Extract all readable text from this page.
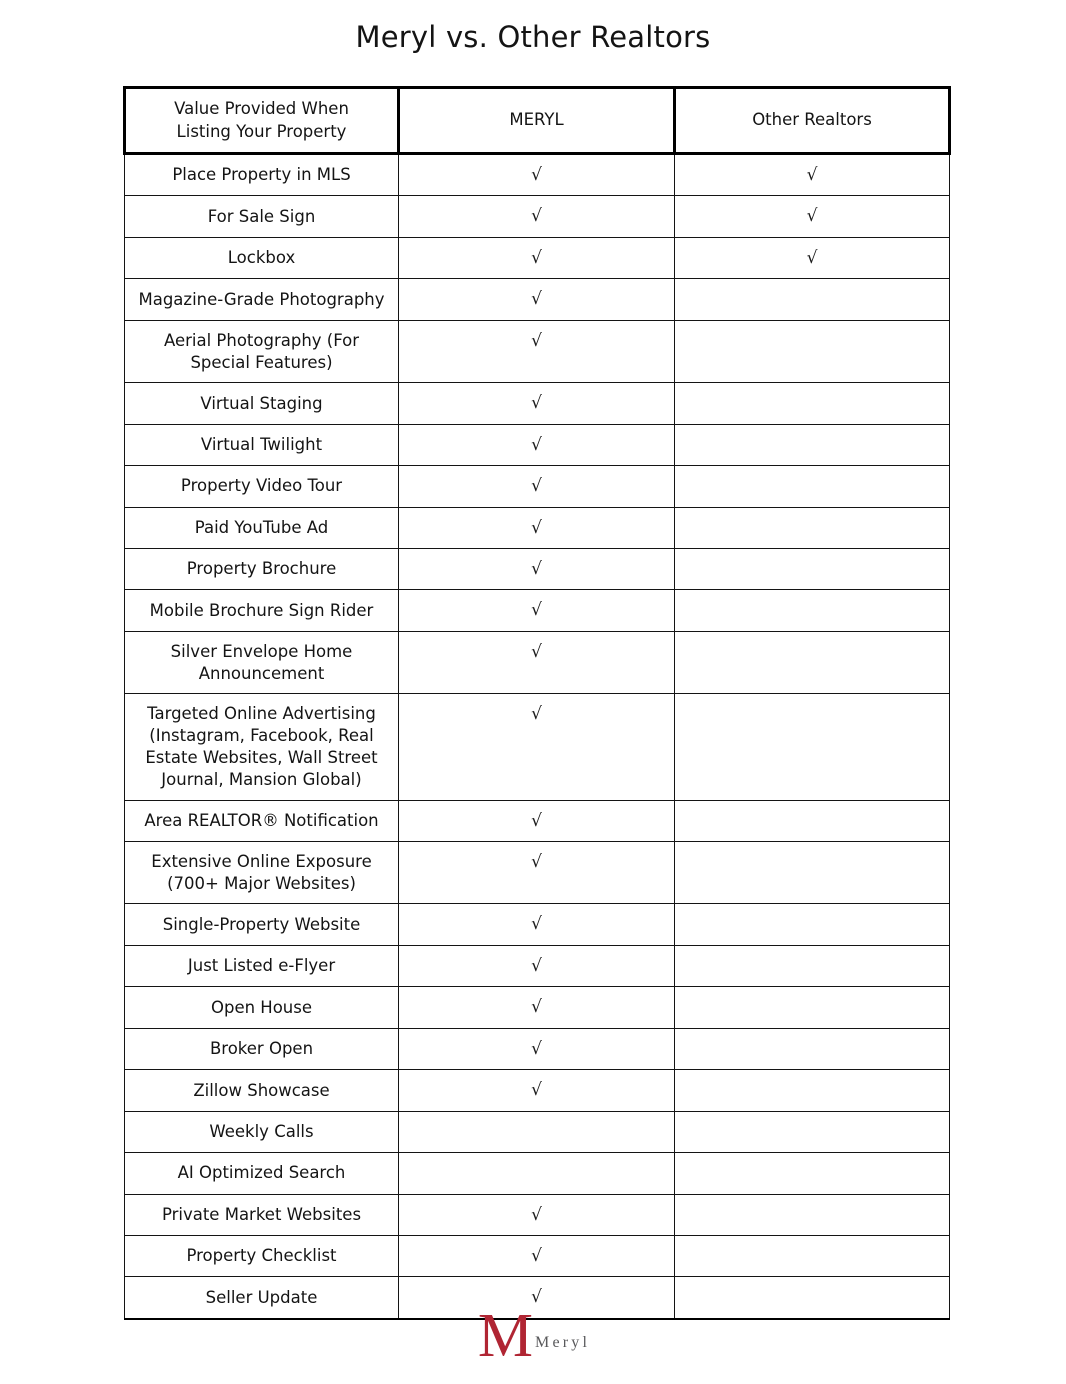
Meryl vs. Other Realtors
Value Provided When
Listing Your Property	MERYL	Other Realtors

Place Property in MLS	√	√

For Sale Sign	√	√

Lockbox	√	√

Magazine-Grade Photography	√	

Aerial Photography (For
Special Features)	√	

Virtual Staging	√	

Virtual Twilight	√	

Property Video Tour	√	

Paid YouTube Ad	√	

Property Brochure	√	

Mobile Brochure Sign Rider	√	

Silver Envelope Home
Announcement	√	

Targeted Online Advertising
(Instagram, Facebook, Real
Estate Websites, Wall Street
Journal, Mansion Global)	√	

Area REALTOR® Notification	√	

Extensive Online Exposure
(700+ Major Websites)	√	

Single-Property Website	√	

Just Listed e-Flyer	√	

Open House	√	

Broker Open	√	

Zillow Showcase	√	

Weekly Calls		

AI Optimized Search		

Private Market Websites	√	

Property Checklist	√	

Seller Update	√	
M Meryl
